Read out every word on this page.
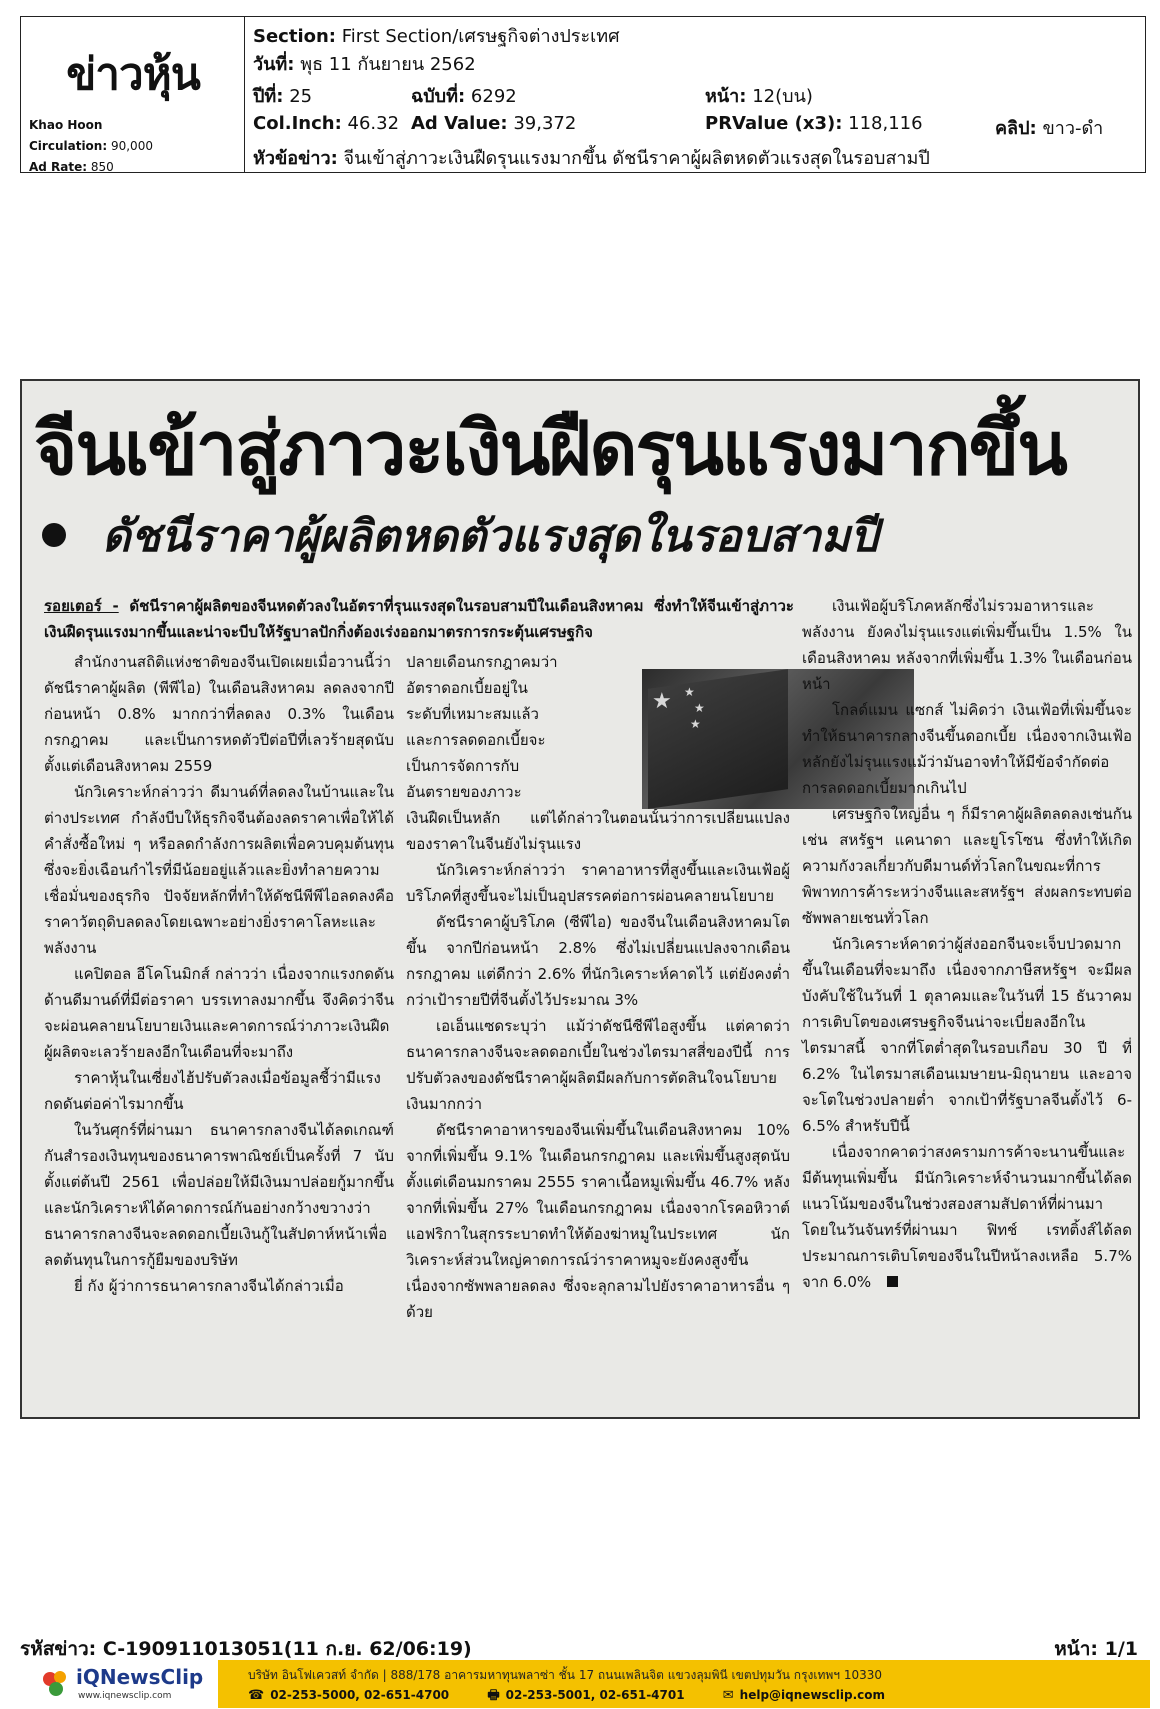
ข่าวหุ้น
Khao Hoon
Circulation: 90,000
Ad Rate: 850
Section: First Section/เศรษฐกิจต่างประเทศ
วันที่: พุธ 11 กันยายน 2562
ปีที่: 25	ฉบับที่: 6292	หน้า: 12(บน)
Col.Inch: 46.32 Ad Value: 39,372	PRValue (x3): 118,116	คลิป: ขาว-ดำ
หัวข้อข่าว: จีนเข้าสู่ภาวะเงินฝืดรุนแรงมากขึ้น ดัชนีราคาผู้ผลิตหดตัวแรงสุดในรอบสามปี
จีนเข้าสู่ภาวะเงินฝืดรุนแรงมากขึ้น
ดัชนีราคาผู้ผลิตหดตัวแรงสุดในรอบสามปี
รอยเตอร์ - ดัชนีราคาผู้ผลิตของจีนหดตัวลงในอัตราที่รุนแรงสุดในรอบสามปีในเดือนสิงหาคม ซึ่งทำให้จีนเข้าสู่ภาวะเงินฝืดรุนแรงมากขึ้นและน่าจะบีบให้รัฐบาลปักกิ่งต้องเร่งออกมาตรการกระตุ้นเศรษฐกิจ

สำนักงานสถิติแห่งชาติของจีนเปิดเผยเมื่อวานนี้ว่า ดัชนีราคาผู้ผลิต (พีพีไอ) ในเดือนสิงหาคม ลดลงจากปีก่อนหน้า 0.8% มากกว่าที่ลดลง 0.3% ในเดือนกรกฎาคม และเป็นการหดตัวปีต่อปีที่เลวร้ายสุดนับตั้งแต่เดือนสิงหาคม 2559

นักวิเคราะห์กล่าวว่า ดีมานด์ที่ลดลงในบ้านและในต่างประเทศ กำลังบีบให้ธุรกิจจีนต้องลดราคาเพื่อให้ได้คำสั่งซื้อใหม่ ๆ หรือลดกำลังการผลิตเพื่อควบคุมต้นทุน ซึ่งจะยิ่งเฉือนกำไรที่มีน้อยอยู่แล้วและยิ่งทำลายความเชื่อมั่นของธุรกิจ ปัจจัยหลักที่ทำให้ดัชนีพีพีไอลดลงคือ ราคาวัตถุดิบลดลงโดยเฉพาะอย่างยิ่งราคาโลหะและพลังงาน

แคปิตอล อีโคโนมิกส์ กล่าวว่า เนื่องจากแรงกดดันด้านดีมานด์ที่มีต่อราคา บรรเทาลงมากขึ้น จึงคิดว่าจีนจะผ่อนคลายนโยบายเงินและคาดการณ์ว่าภาวะเงินฝืดผู้ผลิตจะเลวร้ายลงอีกในเดือนที่จะมาถึง

ราคาหุ้นในเซี่ยงไฮ้ปรับตัวลงเมื่อข้อมูลชี้ว่ามีแรงกดดันต่อค่าไรมากขึ้น

ในวันศุกร์ที่ผ่านมา ธนาคารกลางจีนได้ลดเกณฑ์กันสำรองเงินทุนของธนาคารพาณิชย์เป็นครั้งที่ 7 นับตั้งแต่ต้นปี 2561 เพื่อปล่อยให้มีเงินมาปล่อยกู้มากขึ้น และนักวิเคราะห์ได้คาดการณ์กันอย่างกว้างขวางว่าธนาคารกลางจีนจะลดดอกเบี้ยเงินกู้ในสัปดาห์หน้าเพื่อลดต้นทุนในการกู้ยืมของบริษัท

ยี่ กัง ผู้ว่าการธนาคารกลางจีนได้กล่าวเมื่อ

ปลายเดือนกรกฎาคมว่าอัตราดอกเบี้ยอยู่ในระดับที่เหมาะสมแล้วและการลดดอกเบี้ยจะเป็นการจัดการกับอันตรายของภาวะเงินฝืดเป็นหลัก แต่ได้กล่าวในตอนนั้นว่าการเปลี่ยนแปลงของราคาในจีนยังไม่รุนแรง

นักวิเคราะห์กล่าวว่า ราคาอาหารที่สูงขึ้นและเงินเฟ้อผู้บริโภคที่สูงขึ้นจะไม่เป็นอุปสรรคต่อการผ่อนคลายนโยบาย

ดัชนีราคาผู้บริโภค (ซีพีไอ) ของจีนในเดือนสิงหาคมโตขึ้น จากปีก่อนหน้า 2.8% ซึ่งไม่เปลี่ยนแปลงจากเดือนกรกฎาคม แต่ดีกว่า 2.6% ที่นักวิเคราะห์คาดไว้ แต่ยังคงต่ำกว่าเป้ารายปีที่จีนตั้งไว้ประมาณ 3%

เอเอ็นแซดระบุว่า แม้ว่าดัชนีซีพีไอสูงขึ้น แต่คาดว่าธนาคารกลางจีนจะลดดอกเบี้ยในช่วงไตรมาสสี่ของปีนี้ การปรับตัวลงของดัชนีราคาผู้ผลิตมีผลกับการตัดสินใจนโยบายเงินมากกว่า

ดัชนีราคาอาหารของจีนเพิ่มขึ้นในเดือนสิงหาคม 10% จากที่เพิ่มขึ้น 9.1% ในเดือนกรกฎาคม และเพิ่มขึ้นสูงสุดนับตั้งแต่เดือนมกราคม 2555 ราคาเนื้อหมูเพิ่มขึ้น 46.7% หลังจากที่เพิ่มขึ้น 27% ในเดือนกรกฎาคม เนื่องจากโรคอหิวาต์แอฟริกาในสุกรระบาดทำให้ต้องฆ่าหมูในประเทศ นักวิเคราะห์ส่วนใหญ่คาดการณ์ว่าราคาหมูจะยังคงสูงขึ้นเนื่องจากซัพพลายลดลง ซึ่งจะลุกลามไปยังราคาอาหารอื่น ๆ ด้วย

★ ★
★
★

เงินเฟ้อผู้บริโภคหลักซึ่งไม่รวมอาหารและพลังงาน ยังคงไม่รุนแรงแต่เพิ่มขึ้นเป็น 1.5% ในเดือนสิงหาคม หลังจากที่เพิ่มขึ้น 1.3% ในเดือนก่อนหน้า

โกลด์แมน แซกส์ ไม่คิดว่า เงินเฟ้อที่เพิ่มขึ้นจะทำให้ธนาคารกลางจีนขึ้นดอกเบี้ย เนื่องจากเงินเฟ้อหลักยังไม่รุนแรงแม้ว่ามันอาจทำให้มีข้อจำกัดต่อการลดดอกเบี้ยมากเกินไป

เศรษฐกิจใหญ่อื่น ๆ ก็มีราคาผู้ผลิตลดลงเช่นกัน เช่น สหรัฐฯ แคนาดา และยูโรโซน ซึ่งทำให้เกิดความกังวลเกี่ยวกับดีมานด์ทั่วโลกในขณะที่การพิพาทการค้าระหว่างจีนและสหรัฐฯ ส่งผลกระทบต่อซัพพลายเชนทั่วโลก

นักวิเคราะห์คาดว่าผู้ส่งออกจีนจะเจ็บปวดมากขึ้นในเดือนที่จะมาถึง เนื่องจากภาษีสหรัฐฯ จะมีผลบังคับใช้ในวันที่ 1 ตุลาคมและในวันที่ 15 ธันวาคม การเติบโตของเศรษฐกิจจีนน่าจะเบี่ยลงอีกในไตรมาสนี้ จากที่โตต่ำสุดในรอบเกือบ 30 ปี ที่ 6.2% ในไตรมาสเดือนเมษายน-มิถุนายน และอาจจะโตในช่วงปลายต่ำ จากเป้าที่รัฐบาลจีนตั้งไว้ 6-6.5% สำหรับปีนี้

เนื่องจากคาดว่าสงครามการค้าจะนานขึ้นและมีต้นทุนเพิ่มขึ้น มีนักวิเคราะห์จำนวนมากขึ้นได้ลดแนวโน้มของจีนในช่วงสองสามสัปดาห์ที่ผ่านมา โดยในวันจันทร์ที่ผ่านมา ฟิทช์ เรทติ้งส์ได้ลดประมาณการเติบโตของจีนในปีหน้าลงเหลือ 5.7% จาก 6.0%

รหัสข่าว: C-190911013051(11 ก.ย. 62/06:19)	หน้า: 1/1
iQNewsClip
www.iqnewsclip.com
บริษัท อินโฟเควสท์ จำกัด | 888/178 อาคารมหาทุนพลาซ่า ชั้น 17 ถนนเพลินจิต แขวงลุมพินี เขตปทุมวัน กรุงเทพฯ 10330
☎ 02-253-5000, 02-651-4700	🖶 02-253-5001, 02-651-4701	✉ help@iqnewsclip.com
